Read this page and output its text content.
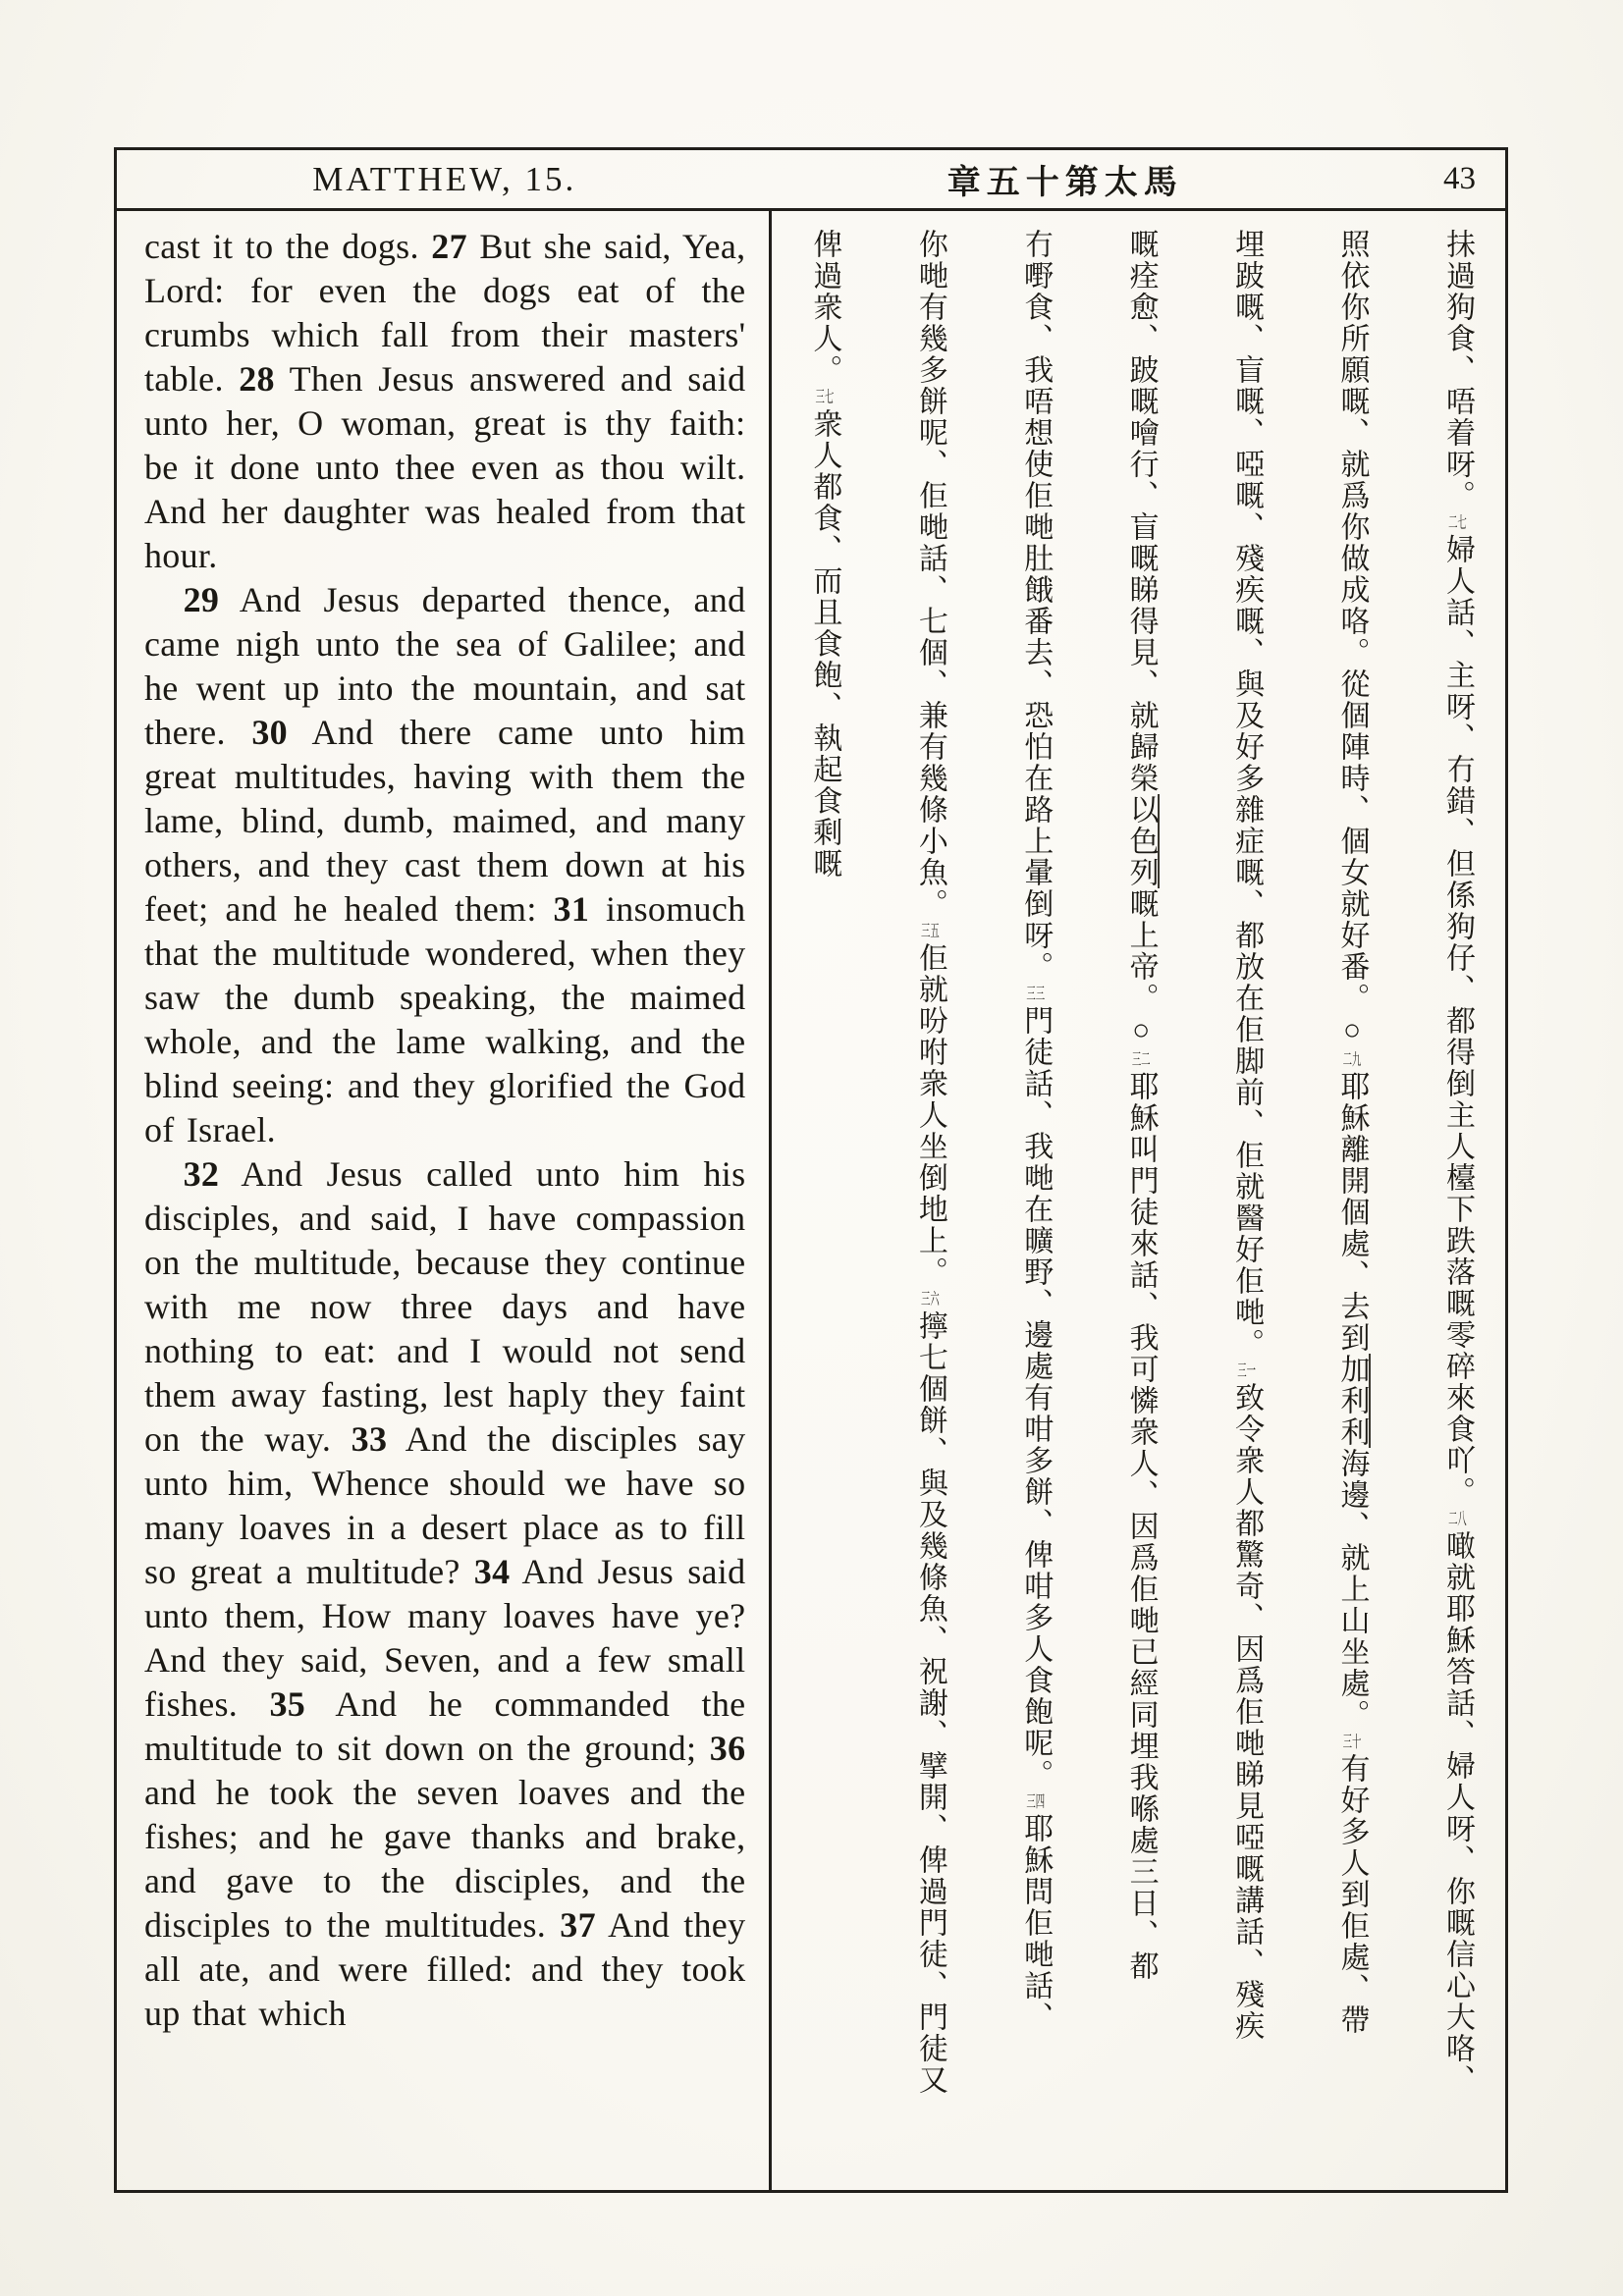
MATTHEW, 15.	章五十第太馬	43

cast it to the dogs. 27 But she said, Yea, Lord: for even the dogs eat of the crumbs which fall from their masters' table. 28 Then Jesus answered and said unto her, O woman, great is thy faith: be it done unto thee even as thou wilt. And her daughter was healed from that hour.

29 And Jesus departed thence, and came nigh unto the sea of Galilee; and he went up into the mountain, and sat there. 30 And there came unto him great multitudes, having with them the lame, blind, dumb, maimed, and many others, and they cast them down at his feet; and he healed them: 31 insomuch that the multitude wondered, when they saw the dumb speaking, the maimed whole, and the lame walking, and the blind seeing: and they glorified the God of Israel.

32 And Jesus called unto him his disciples, and said, I have compassion on the multitude, because they continue with me now three days and have nothing to eat: and I would not send them away fasting, lest haply they faint on the way. 33 And the disciples say unto him, Whence should we have so many loaves in a desert place as to fill so great a multitude? 34 And Jesus said unto them, How many loaves have ye? And they said, Seven, and a few small fishes. 35 And he commanded the multitude to sit down on the ground; 36 and he took the seven loaves and the fishes; and he gave thanks and brake, and gave to the disciples, and the disciples to the multitudes. 37 And they all ate, and were filled: and they took up that which

抺過狗食、唔着呀。二七婦人話、主呀、冇錯、但係狗仔、都得倒主人檯下跌落嘅零碎來食吖。二八噉就耶穌答話、婦人呀、你嘅信心大咯、
照依你所願嘅、就爲你做成咯。從個陣時、個女就好番。○二九耶穌離開個處、去到加利利海邊、就上山坐處。三十有好多人到佢處、帶
埋跛嘅、盲嘅、啞嘅、殘疾嘅、與及好多雜症嘅、都放在佢脚前、佢就醫好佢哋。三一致令衆人都驚奇、因爲佢哋睇見啞嘅講話、殘疾
嘅痊愈、跛嘅噲行、盲嘅睇得見、就歸榮以色列嘅上帝。○三二耶穌叫門徒來話、我可憐衆人、因爲佢哋已經同埋我喺處三日、都
冇嘢食、我唔想使佢哋肚餓番去、恐怕在路上暈倒呀。三三門徒話、我哋在曠野、邊處有咁多餅、俾咁多人食飽呢。三四耶穌問佢哋話、
你哋有幾多餅呢、佢哋話、七個、兼有幾條小魚。三五佢就吩咐衆人坐倒地上。三六擰七個餅、與及幾條魚、祝謝、擘開、俾過門徒、門徒又
俾過衆人。三七衆人都食、而且食飽、執起食剩嘅
